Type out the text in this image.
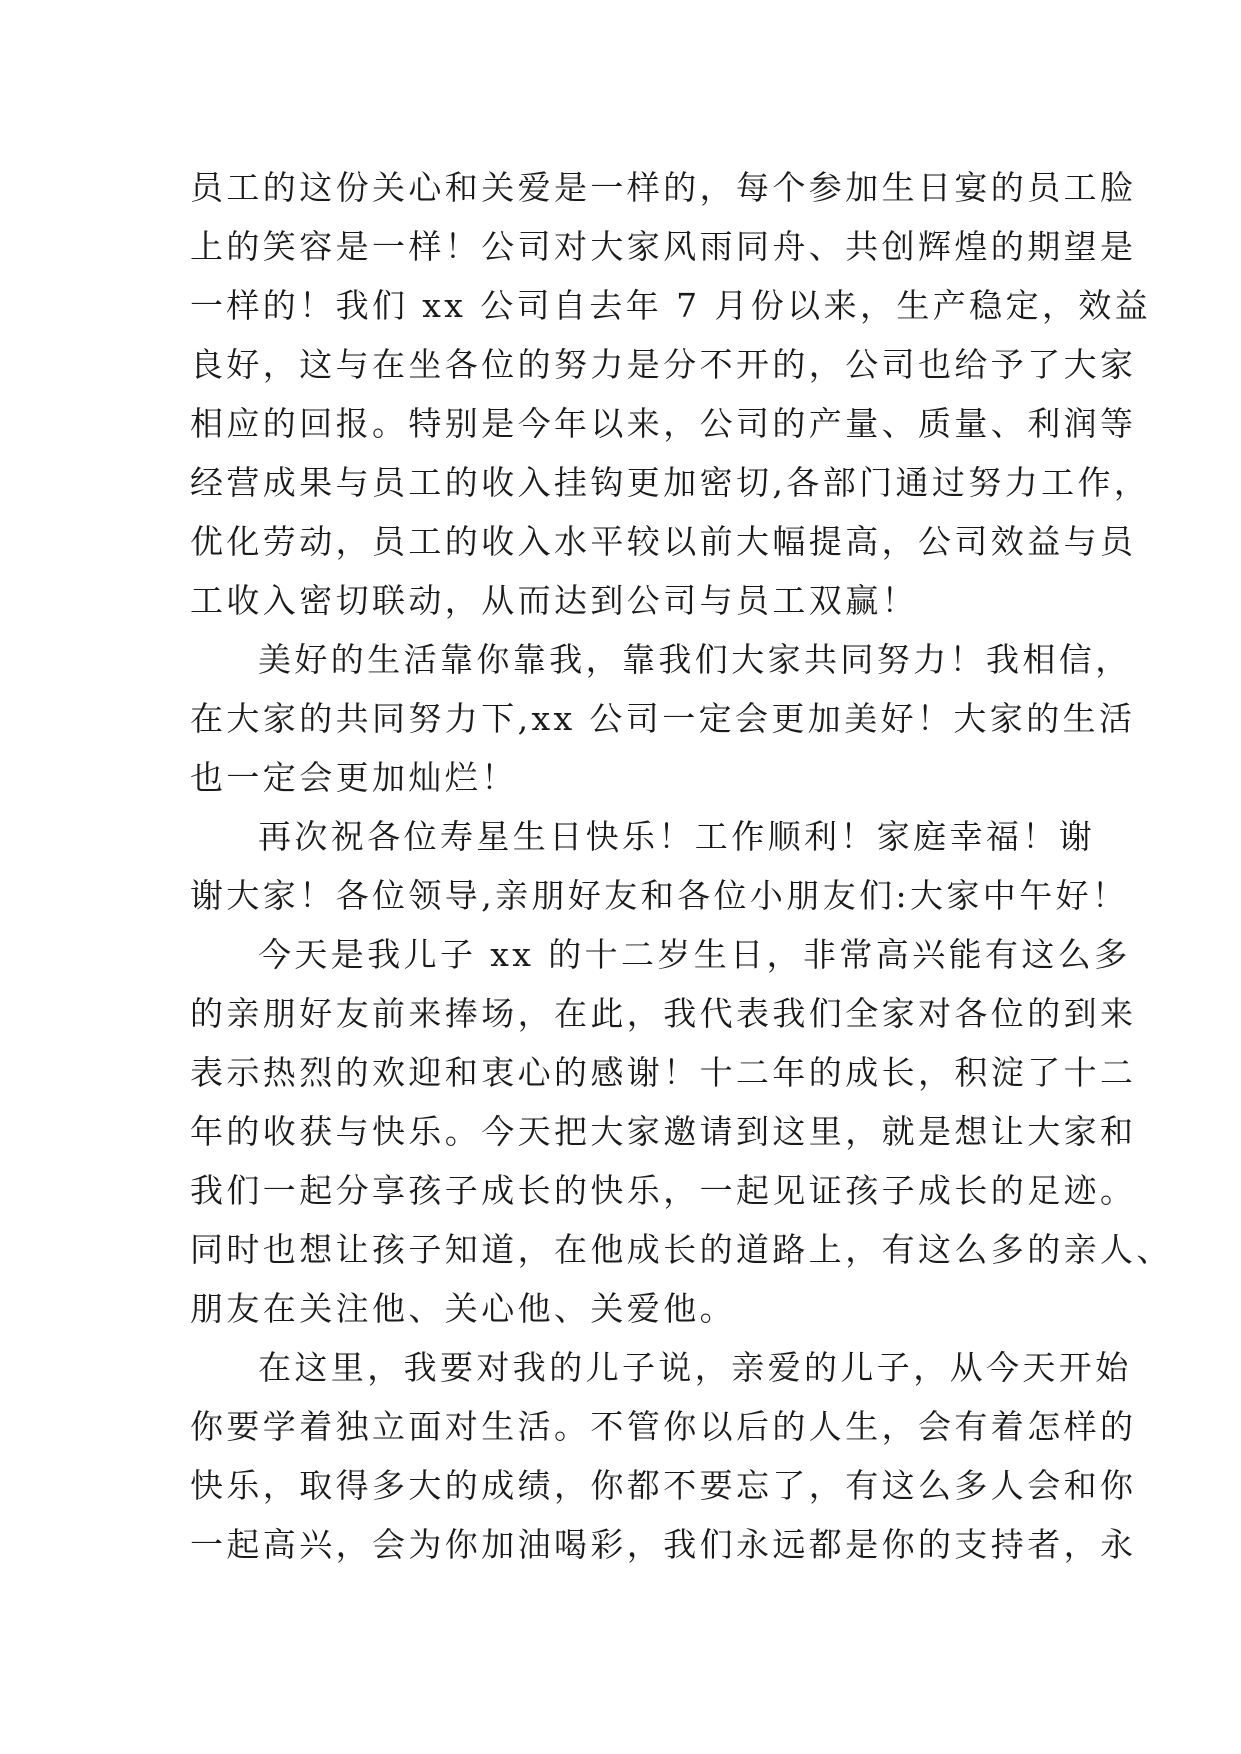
员工的这份关心和关爱是一样的，每个参加生日宴的员工脸
上的笑容是一样！公司对大家风雨同舟、共创辉煌的期望是
一样的！我们 xx 公司自去年 7 月份以来，生产稳定，效益
良好，这与在坐各位的努力是分不开的，公司也给予了大家
相应的回报。特别是今年以来，公司的产量、质量、利润等
经营成果与员工的收入挂钩更加密切,各部门通过努力工作，
优化劳动，员工的收入水平较以前大幅提高，公司效益与员
工收入密切联动，从而达到公司与员工双赢！
美好的生活靠你靠我，靠我们大家共同努力！我相信，
在大家的共同努力下,xx 公司一定会更加美好！大家的生活
也一定会更加灿烂！
再次祝各位寿星生日快乐！工作顺利！家庭幸福！谢
谢大家！各位领导,亲朋好友和各位小朋友们:大家中午好！
今天是我儿子 xx 的十二岁生日，非常高兴能有这么多
的亲朋好友前来捧场，在此，我代表我们全家对各位的到来
表示热烈的欢迎和衷心的感谢！十二年的成长，积淀了十二
年的收获与快乐。今天把大家邀请到这里，就是想让大家和
我们一起分享孩子成长的快乐，一起见证孩子成长的足迹。
同时也想让孩子知道，在他成长的道路上，有这么多的亲人、
朋友在关注他、关心他、关爱他。
在这里，我要对我的儿子说，亲爱的儿子，从今天开始
你要学着独立面对生活。不管你以后的人生，会有着怎样的
快乐，取得多大的成绩，你都不要忘了，有这么多人会和你
一起高兴，会为你加油喝彩，我们永远都是你的支持者，永
